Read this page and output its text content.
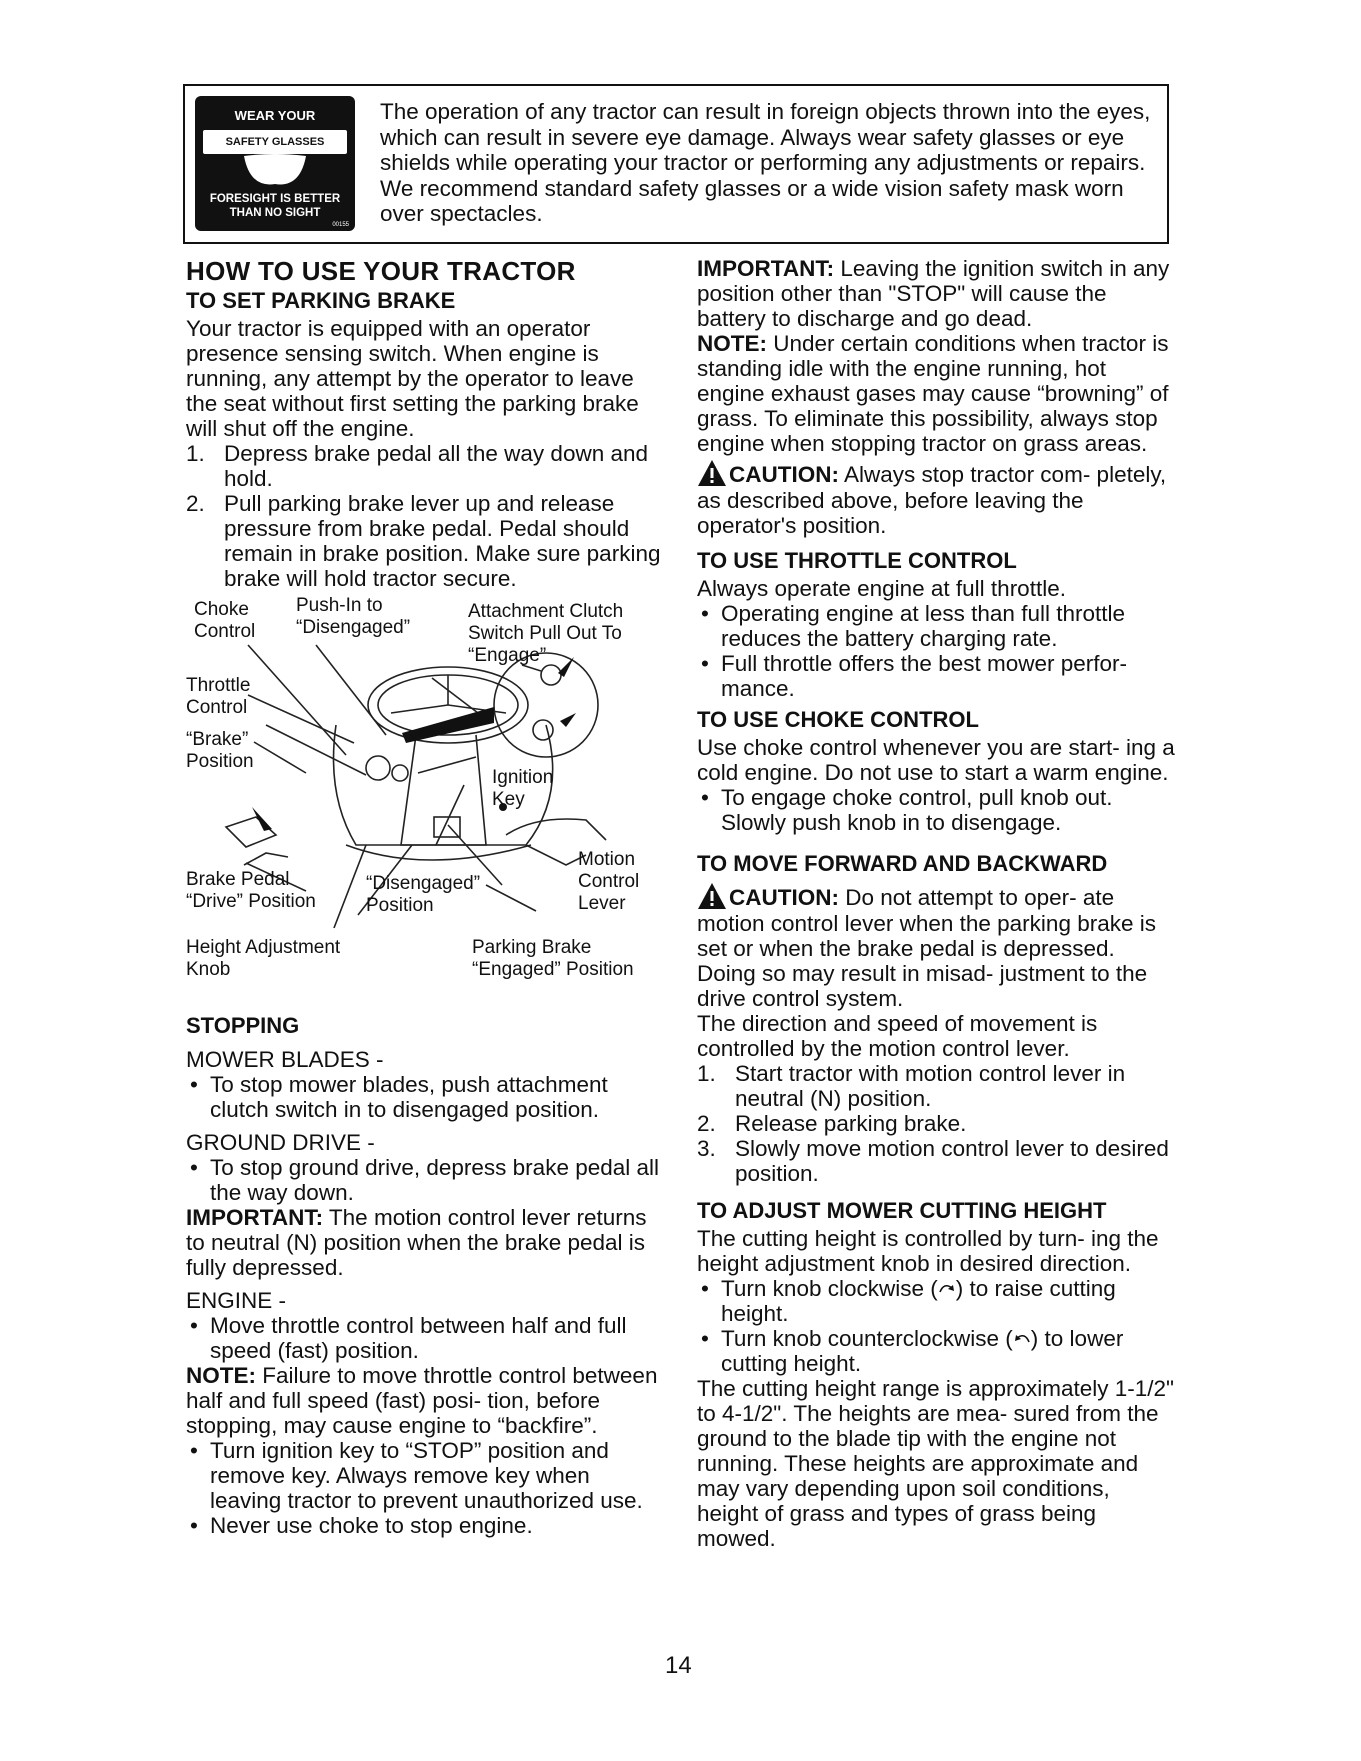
WEAR YOUR
SAFETY GLASSES
FORESIGHT IS BETTER THAN NO SIGHT
00155
The operation of any tractor can result in foreign objects thrown into the eyes, which can result in severe eye damage. Always wear safety glasses or eye shields while operating your tractor or performing any adjustments or repairs. We recommend standard safety glasses or a wide vision safety mask worn over spectacles.
HOW TO USE YOUR TRACTOR
TO SET PARKING BRAKE

Your tractor is equipped with an operator presence sensing switch. When engine is running, any attempt by the operator to leave the seat without first setting the parking brake will shut off the engine.

1. Depress brake pedal all the way down and hold.
2. Pull parking brake lever up and release pressure from brake pedal. Pedal should remain in brake position. Make sure parking brake will hold tractor secure.
Choke
Control
Push-In to
“Disengaged”
Attachment Clutch
Switch Pull Out To
“Engage”
Throttle
Control
“Brake”
Position
Ignition
Key
Brake Pedal
“Drive” Position
“Disengaged”
Position
Motion
Control
Lever
Height Adjustment
Knob
Parking Brake
“Engaged” Position
STOPPING

MOWER BLADES -

• To stop mower blades, push attachment clutch switch in to disengaged position.

GROUND DRIVE -

• To stop ground drive, depress brake pedal all the way down.

IMPORTANT: The motion control lever returns to neutral (N) position when the brake pedal is fully depressed.

ENGINE -

• Move throttle control between half and full speed (fast) position.

NOTE: Failure to move throttle control between half and full speed (fast) posi- tion, before stopping, may cause engine to “backfire”.

• Turn ignition key to “STOP” position and remove key. Always remove key when leaving tractor to prevent unauthorized use.
• Never use choke to stop engine.

IMPORTANT: Leaving the ignition switch in any position other than "STOP" will cause the battery to discharge and go dead.

NOTE: Under certain conditions when tractor is standing idle with the engine running, hot engine exhaust gases may cause “browning” of grass. To eliminate this possibility, always stop engine when stopping tractor on grass areas.

CAUTION: Always stop tractor com- pletely, as described above, before leaving the operator's position.

TO USE THROTTLE CONTROL

Always operate engine at full throttle.

• Operating engine at less than full throttle reduces the battery charging rate.
• Full throttle offers the best mower perfor- mance.
TO USE CHOKE CONTROL

Use choke control whenever you are start- ing a cold engine. Do not use to start a warm engine.

• To engage choke control, pull knob out. Slowly push knob in to disengage.
TO MOVE FORWARD AND BACKWARD

CAUTION: Do not attempt to oper- ate motion control lever when the parking brake is set or when the brake pedal is depressed. Doing so may result in misad- justment to the drive control system.

The direction and speed of movement is controlled by the motion control lever.

1. Start tractor with motion control lever in neutral (N) position.
2. Release parking brake.
3. Slowly move motion control lever to desired position.
TO ADJUST MOWER CUTTING HEIGHT

The cutting height is controlled by turn- ing the height adjustment knob in desired direction.

• Turn knob clockwise ( ) to raise cutting height.
• Turn knob counterclockwise ( ) to lower cutting height.

The cutting height range is approximately 1-1/2" to 4-1/2". The heights are mea- sured from the ground to the blade tip with the engine not running. These heights are approximate and may vary depending upon soil conditions, height of grass and types of grass being mowed.

14
